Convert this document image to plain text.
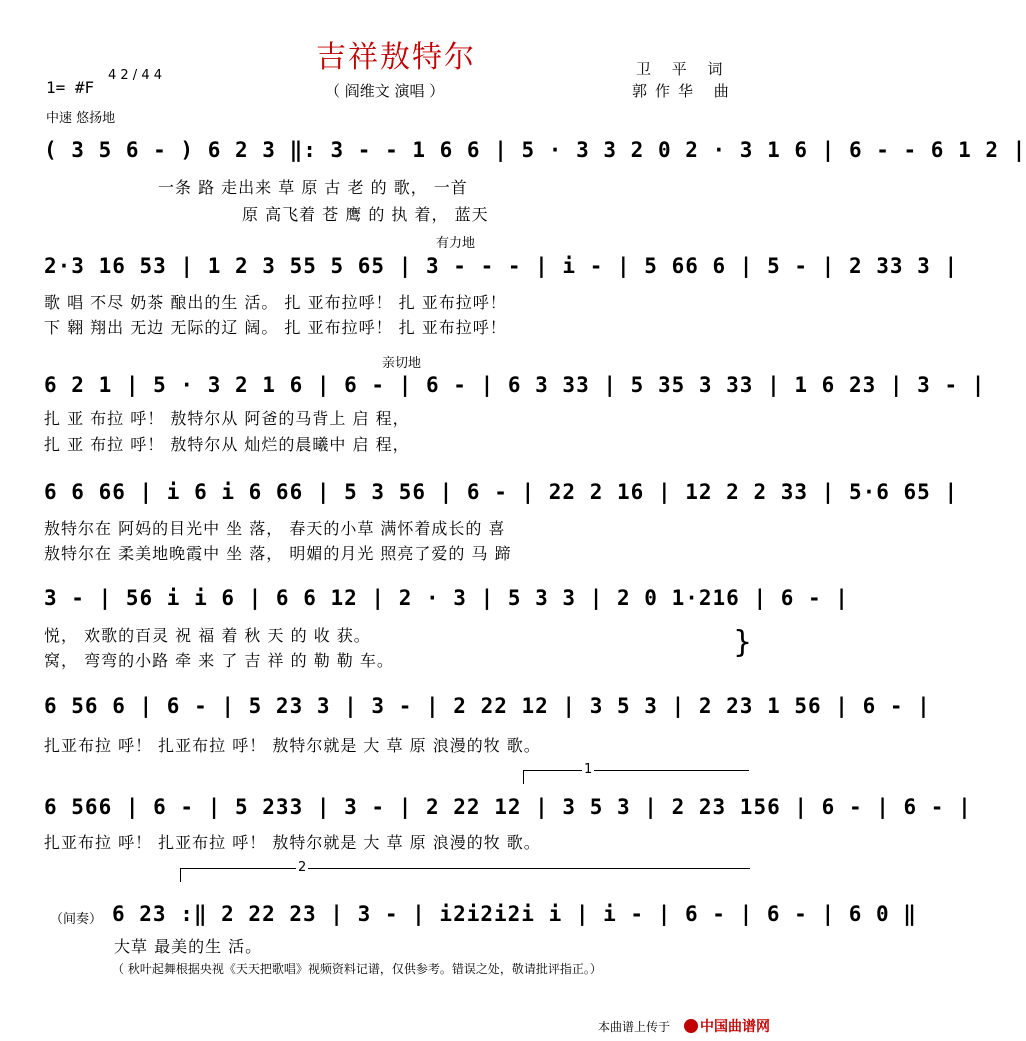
吉祥敖特尔	卫 平 词
郭作华 曲
（ 阎维文 演唱 ）
1= #F
4 2 / 4 4
中速 悠扬地
( 3 5 6 - ) 6 2 3 ‖: 3 - - 1 6 6 | 5 · 3 3 2 0 2 · 3 1 6 | 6 - - 6 1 2 |
一条 路 走出来 草 原 古 老 的 歌， 一首
原 高飞着 苍 鹰 的 执 着， 蓝天
有力地
2·3 16 53 | 1 2 3 55 5 65 | 3 - - - | i - | 5 66 6 | 5 - | 2 33 3 |
歌 唱 不尽 奶茶 酿出的生 活。 扎 亚布拉呼！ 扎 亚布拉呼！
下 翱 翔出 无边 无际的辽 阔。 扎 亚布拉呼！ 扎 亚布拉呼！
亲切地
6 2 1 | 5 · 3 2 1 6 | 6 - | 6 - | 6 3 33 | 5 35 3 33 | 1 6 23 | 3 - |
扎 亚 布拉 呼！ 敖特尔从 阿爸的马背上 启 程，
扎 亚 布拉 呼！ 敖特尔从 灿烂的晨曦中 启 程，
6 6 66 | i 6 i 6 66 | 5 3 56 | 6 - | 22 2 16 | 12 2 2 33 | 5·6 65 |
敖特尔在 阿妈的目光中 坐 落， 春天的小草 满怀着成长的 喜
敖特尔在 柔美地晚霞中 坐 落， 明媚的月光 照亮了爱的 马 蹄
3 - | 56 i i 6 | 6 6 12 | 2 · 3 | 5 3 3 | 2 0 1·216 | 6 - |
悦， 欢歌的百灵 祝 福 着 秋 天 的 收 获。
窝， 弯弯的小路 牵 来 了 吉 祥 的 勒 勒 车。
}
6 56 6 | 6 - | 5 23 3 | 3 - | 2 22 12 | 3 5 3 | 2 23 1 56 | 6 - |
扎亚布拉 呼！ 扎亚布拉 呼！ 敖特尔就是 大 草 原 浪漫的牧 歌。
1
6 566 | 6 - | 5 233 | 3 - | 2 22 12 | 3 5 3 | 2 23 156 | 6 - | 6 - |
扎亚布拉 呼！ 扎亚布拉 呼！ 敖特尔就是 大 草 原 浪漫的牧 歌。
2
（间奏） 6 23 :‖ 2 22 23 | 3 - | i2i2i2i i | i - | 6 - | 6 - | 6 0 ‖
大草 最美的生 活。
（ 秋叶起舞根据央视《天天把歌唱》视频资料记谱，仅供参考。错误之处，敬请批评指正。）
本曲谱上传于	中国曲谱网
